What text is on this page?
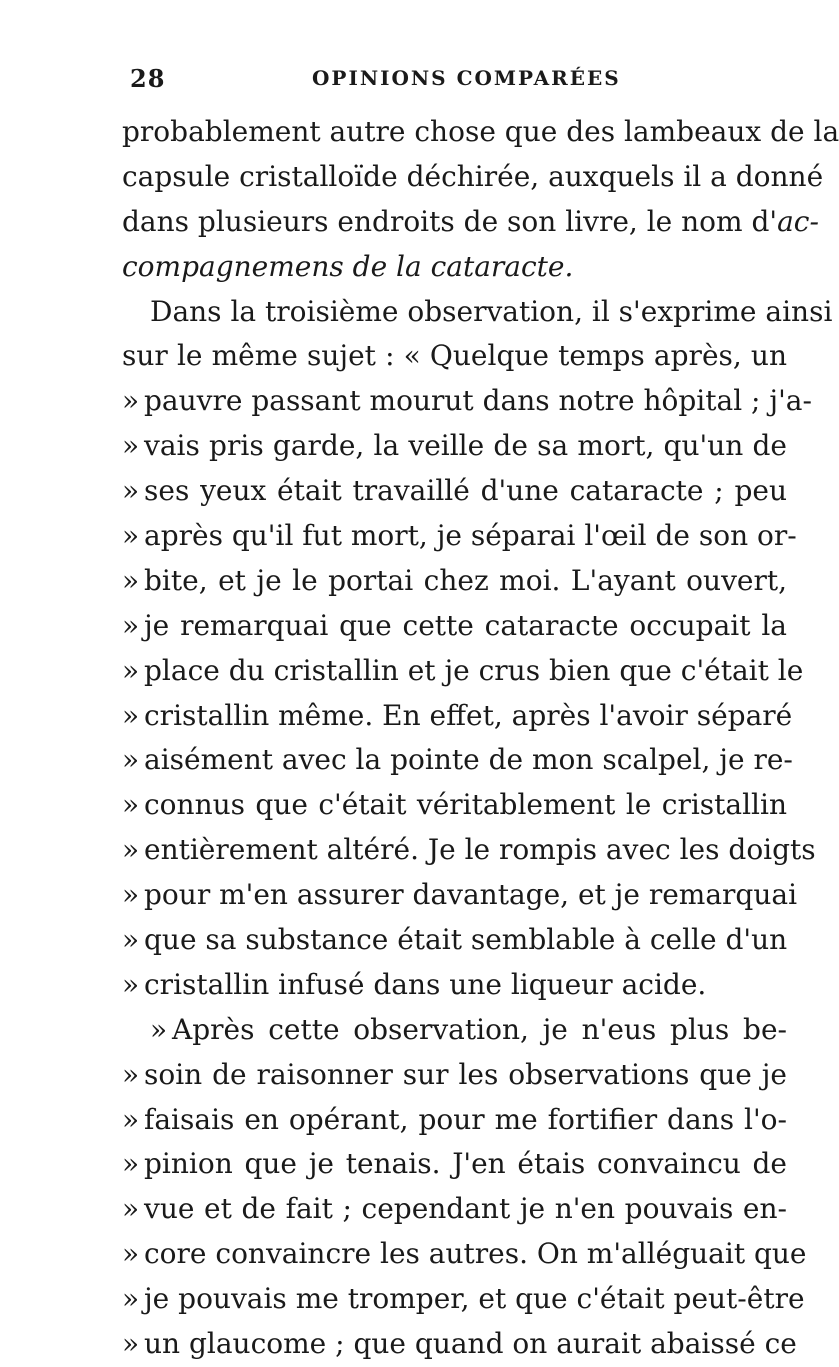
28	OPINIONS COMPARÉES
probablement autre chose que des lambeaux de la
capsule cristalloïde déchirée, auxquels il a donné
dans plusieurs endroits de son livre, le nom d'ac-
compagnemens de la cataracte.
Dans la troisième observation, il s'exprime ainsi
sur le même sujet : « Quelque temps après, un
» pauvre passant mourut dans notre hôpital ; j'a-
» vais pris garde, la veille de sa mort, qu'un de
» ses yeux était travaillé d'une cataracte ; peu
» après qu'il fut mort, je séparai l'œil de son or-
» bite, et je le portai chez moi. L'ayant ouvert,
» je remarquai que cette cataracte occupait la
» place du cristallin et je crus bien que c'était le
» cristallin même. En effet, après l'avoir séparé
» aisément avec la pointe de mon scalpel, je re-
» connus que c'était véritablement le cristallin
» entièrement altéré. Je le rompis avec les doigts
» pour m'en assurer davantage, et je remarquai
» que sa substance était semblable à celle d'un
» cristallin infusé dans une liqueur acide.
» Après cette observation, je n'eus plus be-
» soin de raisonner sur les observations que je
» faisais en opérant, pour me fortifier dans l'o-
» pinion que je tenais. J'en étais convaincu de
» vue et de fait ; cependant je n'en pouvais en-
» core convaincre les autres. On m'alléguait que
» je pouvais me tromper, et que c'était peut-être
» un glaucome ; que quand on aurait abaissé ce
